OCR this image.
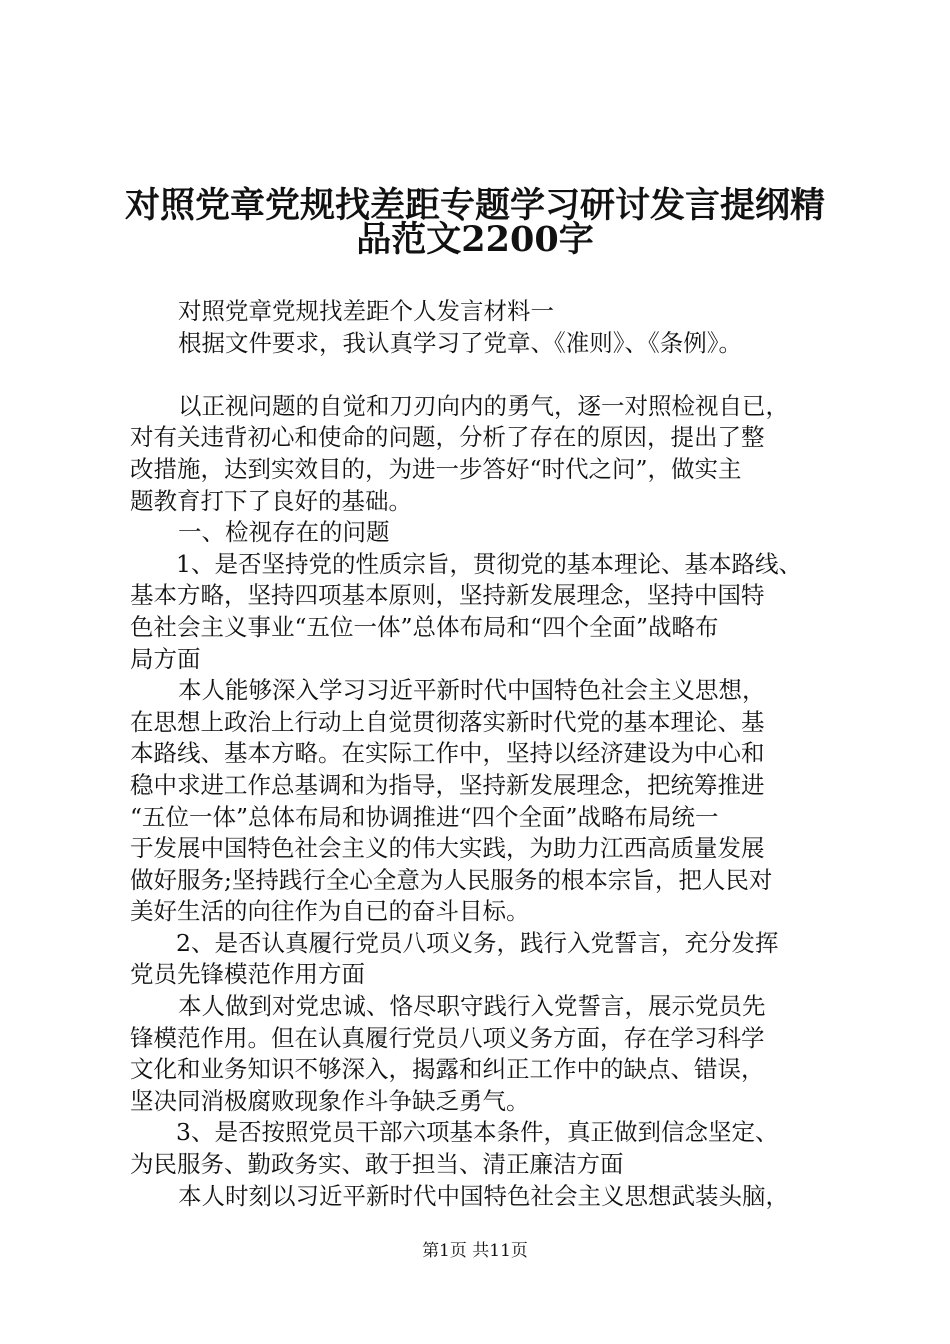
对照党章党规找差距专题学习研讨发言提纲精
品范文2200字
对照党章党规找差距个人发言材料一
根据文件要求，我认真学习了党章、《准则》、《条例》。
以正视问题的自觉和刀刃向内的勇气，逐一对照检视自已，
对有关违背初心和使命的问题，分析了存在的原因，提出了整
改措施，达到实效目的，为进一步答好“时代之问”，做实主
题教育打下了良好的基础。
一、检视存在的问题
1、是否坚持党的性质宗旨，贯彻党的基本理论、基本路线、
基本方略，坚持四项基本原则，坚持新发展理念，坚持中国特
色社会主义事业“五位一体”总体布局和“四个全面”战略布
局方面
本人能够深入学习习近平新时代中国特色社会主义思想，
在思想上政治上行动上自觉贯彻落实新时代党的基本理论、基
本路线、基本方略。在实际工作中，坚持以经济建设为中心和
稳中求进工作总基调和为指导，坚持新发展理念，把统筹推进
“五位一体”总体布局和协调推进“四个全面”战略布局统一
于发展中国特色社会主义的伟大实践，为助力江西高质量发展
做好服务;坚持践行全心全意为人民服务的根本宗旨，把人民对
美好生活的向往作为自已的奋斗目标。
2、是否认真履行党员八项义务，践行入党誓言，充分发挥
党员先锋模范作用方面
本人做到对党忠诚、恪尽职守践行入党誓言，展示党员先
锋模范作用。但在认真履行党员八项义务方面，存在学习科学
文化和业务知识不够深入，揭露和纠正工作中的缺点、错误，
坚决同消极腐败现象作斗争缺乏勇气。
3、是否按照党员干部六项基本条件，真正做到信念坚定、
为民服务、勤政务实、敢于担当、清正廉洁方面
本人时刻以习近平新时代中国特色社会主义思想武装头脑，
第1页 共11页
